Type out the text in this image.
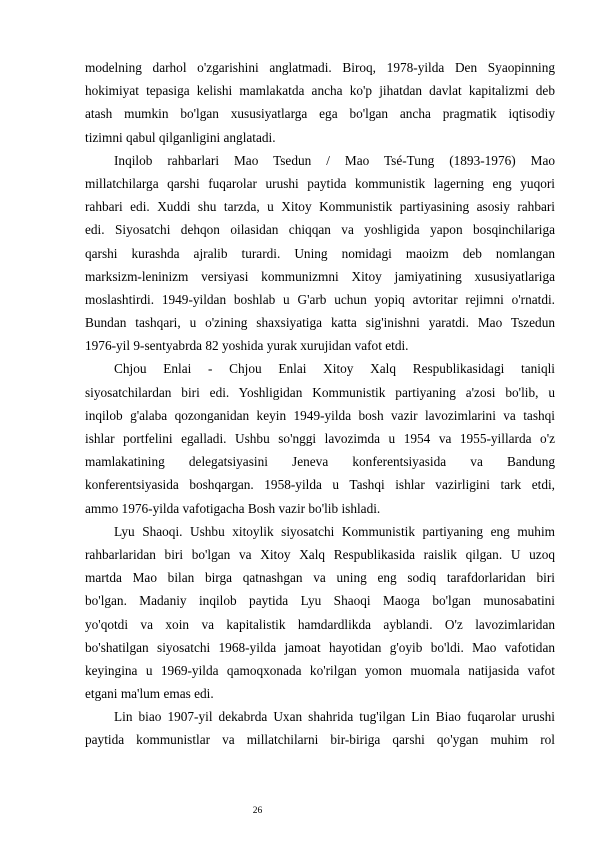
modelning darhol o'zgarishini anglatmadi. Biroq, 1978-yilda Den Syaopinning
hokimiyat tepasiga kelishi mamlakatda ancha ko'p jihatdan davlat kapitalizmi deb
atash mumkin bo'lgan xususiyatlarga ega bo'lgan ancha pragmatik iqtisodiy
tizimni qabul qilganligini anglatadi.
Inqilob rahbarlari Mao Tsedun / Mao Tsé-Tung (1893-1976) Mao
millatchilarga qarshi fuqarolar urushi paytida kommunistik lagerning eng yuqori
rahbari edi. Xuddi shu tarzda, u Xitoy Kommunistik partiyasining asosiy rahbari
edi. Siyosatchi dehqon oilasidan chiqqan va yoshligida yapon bosqinchilariga
qarshi kurashda ajralib turardi. Uning nomidagi maoizm deb nomlangan
marksizm-leninizm versiyasi kommunizmni Xitoy jamiyatining xususiyatlariga
moslashtirdi. 1949-yildan boshlab u G'arb uchun yopiq avtoritar rejimni o'rnatdi.
Bundan tashqari, u o'zining shaxsiyatiga katta sig'inishni yaratdi. Mao Tszedun
1976-yil 9-sentyabrda 82 yoshida yurak xurujidan vafot etdi.
Chjou Enlai - Chjou Enlai Xitoy Xalq Respublikasidagi taniqli
siyosatchilardan biri edi. Yoshligidan Kommunistik partiyaning a'zosi bo'lib, u
inqilob g'alaba qozonganidan keyin 1949-yilda bosh vazir lavozimlarini va tashqi
ishlar portfelini egalladi. Ushbu so'nggi lavozimda u 1954 va 1955-yillarda o'z
mamlakatining delegatsiyasini Jeneva konferentsiyasida va Bandung
konferentsiyasida boshqargan. 1958-yilda u Tashqi ishlar vazirligini tark etdi,
ammo 1976-yilda vafotigacha Bosh vazir bo'lib ishladi.
Lyu Shaoqi. Ushbu xitoylik siyosatchi Kommunistik partiyaning eng muhim
rahbarlaridan biri bo'lgan va Xitoy Xalq Respublikasida raislik qilgan. U uzoq
martda Mao bilan birga qatnashgan va uning eng sodiq tarafdorlaridan biri
bo'lgan. Madaniy inqilob paytida Lyu Shaoqi Maoga bo'lgan munosabatini
yo'qotdi va xoin va kapitalistik hamdardlikda ayblandi. O'z lavozimlaridan
bo'shatilgan siyosatchi 1968-yilda jamoat hayotidan g'oyib bo'ldi. Mao vafotidan
keyingina u 1969-yilda qamoqxonada ko'rilgan yomon muomala natijasida vafot
etgani ma'lum emas edi.
Lin biao 1907-yil dekabrda Uxan shahrida tug'ilgan Lin Biao fuqarolar urushi
paytida kommunistlar va millatchilarni bir-biriga qarshi qo'ygan muhim rol
26
